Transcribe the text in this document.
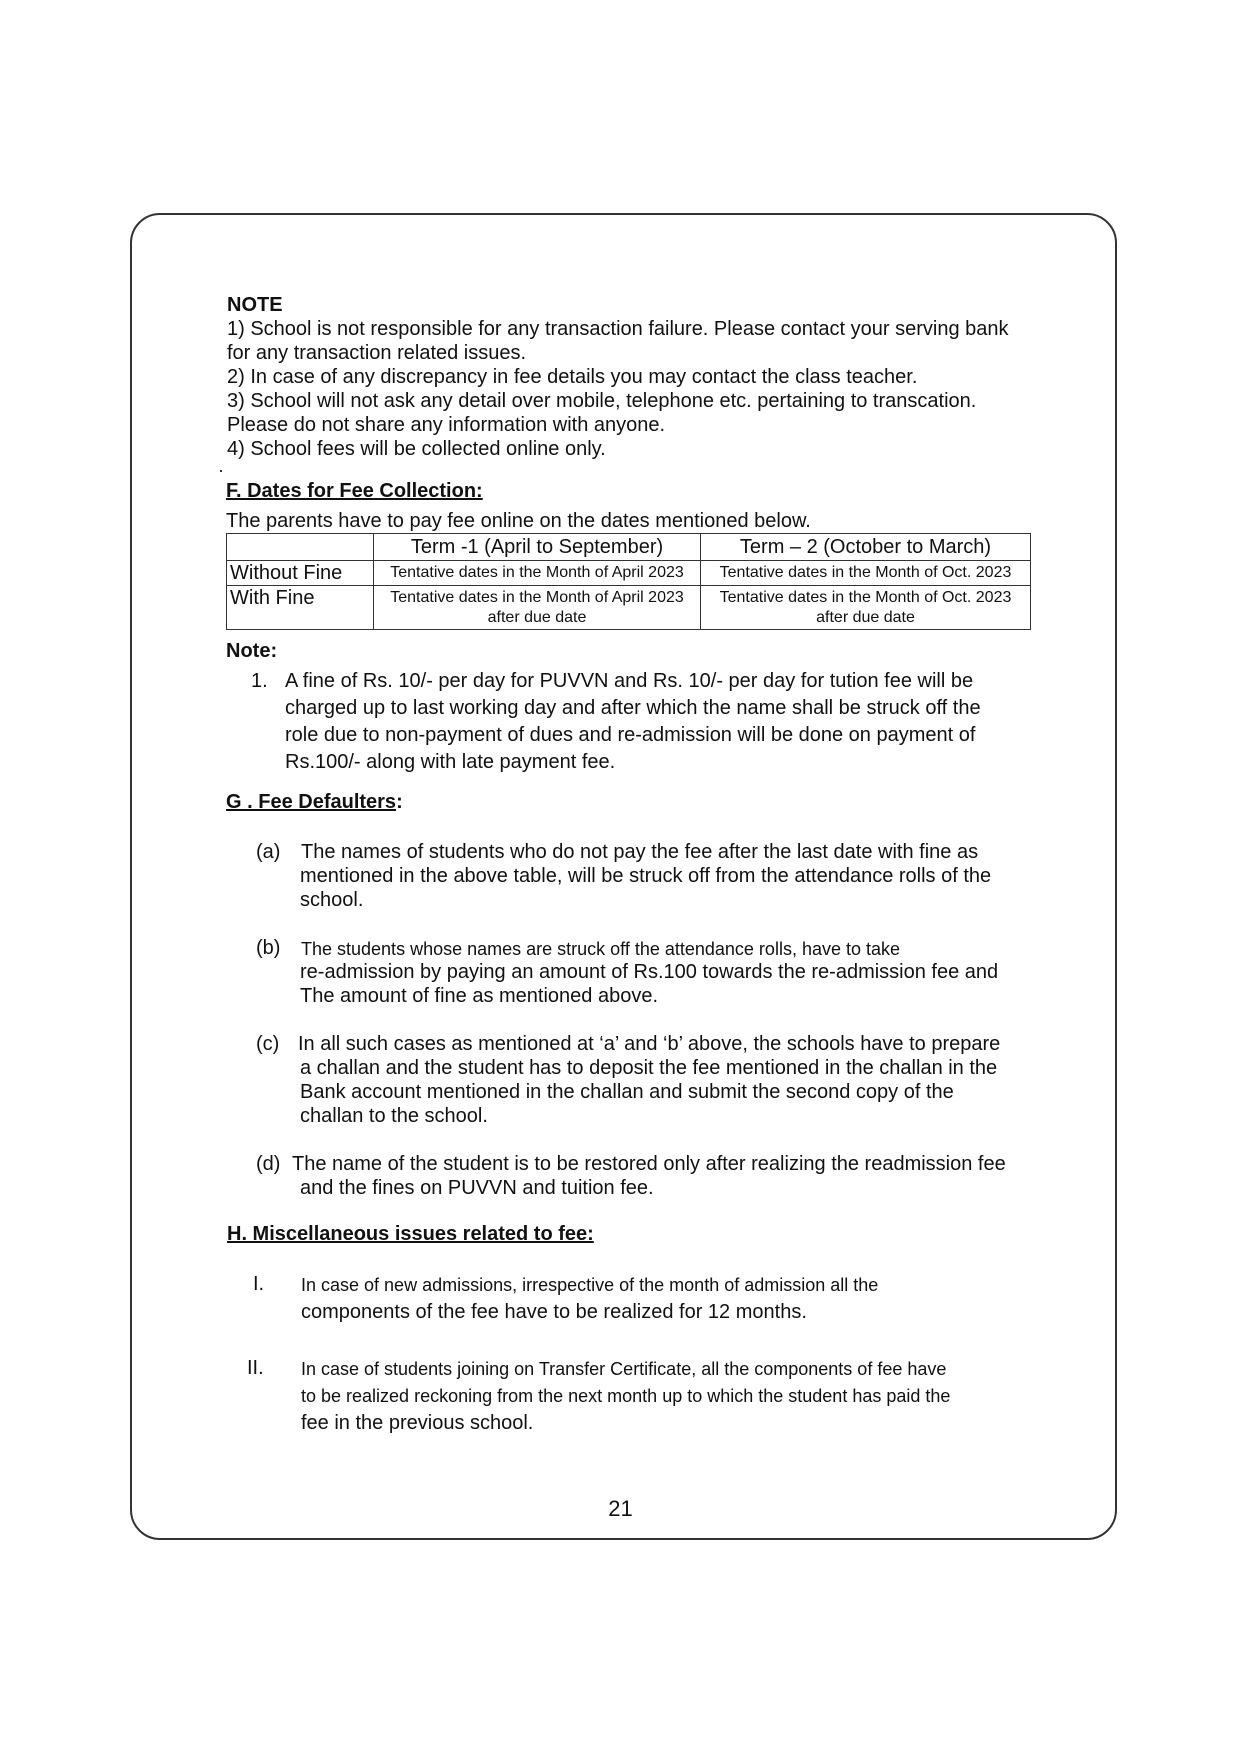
NOTE
1) School is not responsible for any transaction failure. Please contact your serving bank
for any transaction related issues.
2) In case of any discrepancy in fee details you may contact the class teacher.
3) School will not ask any detail over mobile, telephone etc. pertaining to transcation.
Please do not share any information with anyone.
4) School fees will be collected online only.
F. Dates for Fee Collection:
The parents have to pay fee online on the dates mentioned below.
	Term -1 (April to September)	Term – 2 (October to March)
Without Fine	Tentative dates in the Month of April 2023	Tentative dates in the Month of Oct. 2023
With Fine	Tentative dates in the Month of April 2023 after due date	Tentative dates in the Month of Oct. 2023 after due date
Note:
1. A fine of Rs. 10/- per day for PUVVN and Rs. 10/- per day for tution fee will be
charged up to last working day and after which the name shall be struck off the
role due to non-payment of dues and re-admission will be done on payment of
Rs.100/- along with late payment fee.
G . Fee Defaulters:
(a) The names of students who do not pay the fee after the last date with fine as
mentioned in the above table, will be struck off from the attendance rolls of the
school.
(b) The students whose names are struck off the attendance rolls, have to take
re-admission by paying an amount of Rs.100 towards the re-admission fee and
The amount of fine as mentioned above.
(c) In all such cases as mentioned at ‘a’ and ‘b’ above, the schools have to prepare
a challan and the student has to deposit the fee mentioned in the challan in the
Bank account mentioned in the challan and submit the second copy of the
challan to the school.
(d) The name of the student is to be restored only after realizing the readmission fee
and the fines on PUVVN and tuition fee.
H. Miscellaneous issues related to fee:
I. In case of new admissions, irrespective of the month of admission all the
components of the fee have to be realized for 12 months.
II. In case of students joining on Transfer Certificate, all the components of fee have
to be realized reckoning from the next month up to which the student has paid the
fee in the previous school.
21
